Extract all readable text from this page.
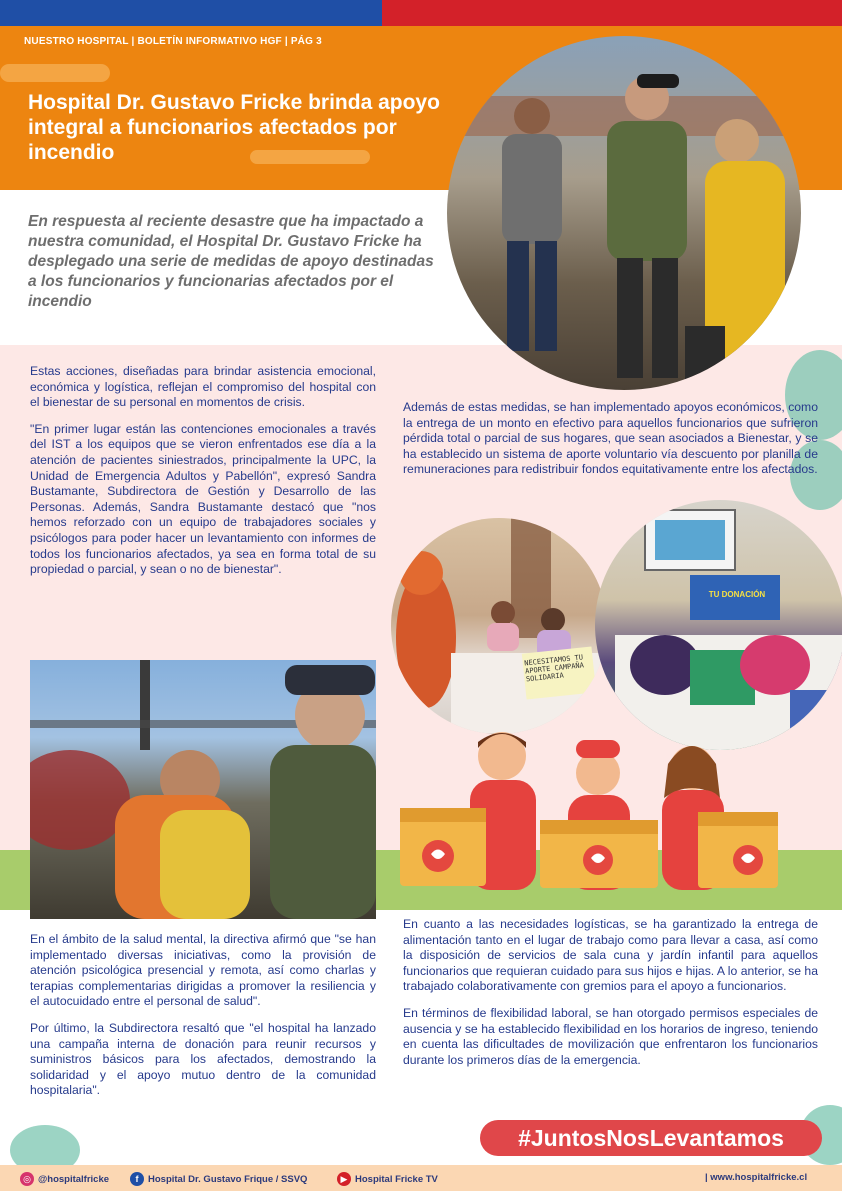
NUESTRO HOSPITAL | BOLETÍN INFORMATIVO HGF | PÁG 3
Hospital Dr. Gustavo Fricke brinda apoyo integral a funcionarios afectados por incendio

En respuesta al reciente desastre que ha impactado a nuestra comunidad, el Hospital Dr. Gustavo Fricke ha desplegado una serie de medidas de apoyo destinadas a los funcionarios y funcionarias afectados por el incendio

Estas acciones, diseñadas para brindar asistencia emocional, económica y logística, reflejan el compromiso del hospital con el bienestar de su personal en momentos de crisis.

"En primer lugar están las contenciones emocionales a través del IST a los equipos que se vieron enfrentados ese día a la atención de pacientes siniestrados, principalmente la UPC, la Unidad de Emergencia Adultos y Pabellón", expresó Sandra Bustamante, Subdirectora de Gestión y Desarrollo de las Personas. Además, Sandra Bustamante destacó que "nos hemos reforzado con un equipo de trabajadores sociales y psicólogos para poder hacer un levantamiento con informes de todos los funcionarios afectados, ya sea en forma total de su propiedad o parcial, y sean o no de bienestar".

Además de estas medidas, se han implementado apoyos económicos, como la entrega de un monto en efectivo para aquellos funcionarios que sufrieron pérdida total o parcial de sus hogares, que sean asociados a Bienestar, y se ha establecido un sistema de aporte voluntario vía descuento por planilla de remuneraciones para redistribuir fondos equitativamente entre los afectados.

NECESITAMOS TU APORTE CAMPAÑA SOLIDARIA
TU DONACIÓN

En el ámbito de la salud mental, la directiva afirmó que "se han implementado diversas iniciativas, como la provisión de atención psicológica presencial y remota, así como charlas y terapias complementarias dirigidas a promover la resiliencia y el autocuidado entre el personal de salud".

Por último, la Subdirectora resaltó que "el hospital ha lanzado una campaña interna de donación para reunir recursos y suministros básicos para los afectados, demostrando la solidaridad y el apoyo mutuo dentro de la comunidad hospitalaria".

En cuanto a las necesidades logísticas, se ha garantizado la entrega de alimentación tanto en el lugar de trabajo como para llevar a casa, así como la disposición de servicios de sala cuna y jardín infantil para aquellos funcionarios que requieran cuidado para sus hijos e hijas. A lo anterior, se ha trabajado colaborativamente con gremios para el apoyo a funcionarios.

En términos de flexibilidad laboral, se han otorgado permisos especiales de ausencia y se ha establecido flexibilidad en los horarios de ingreso, teniendo en cuenta las dificultades de movilización que enfrentaron los funcionarios durante los primeros días de la emergencia.

#JuntosNosLevantamos
◎ @hospitalfricke	f	Hospital Dr. Gustavo Frique / SSVQ	▶ Hospital Fricke TV	| www.hospitalfricke.cl
